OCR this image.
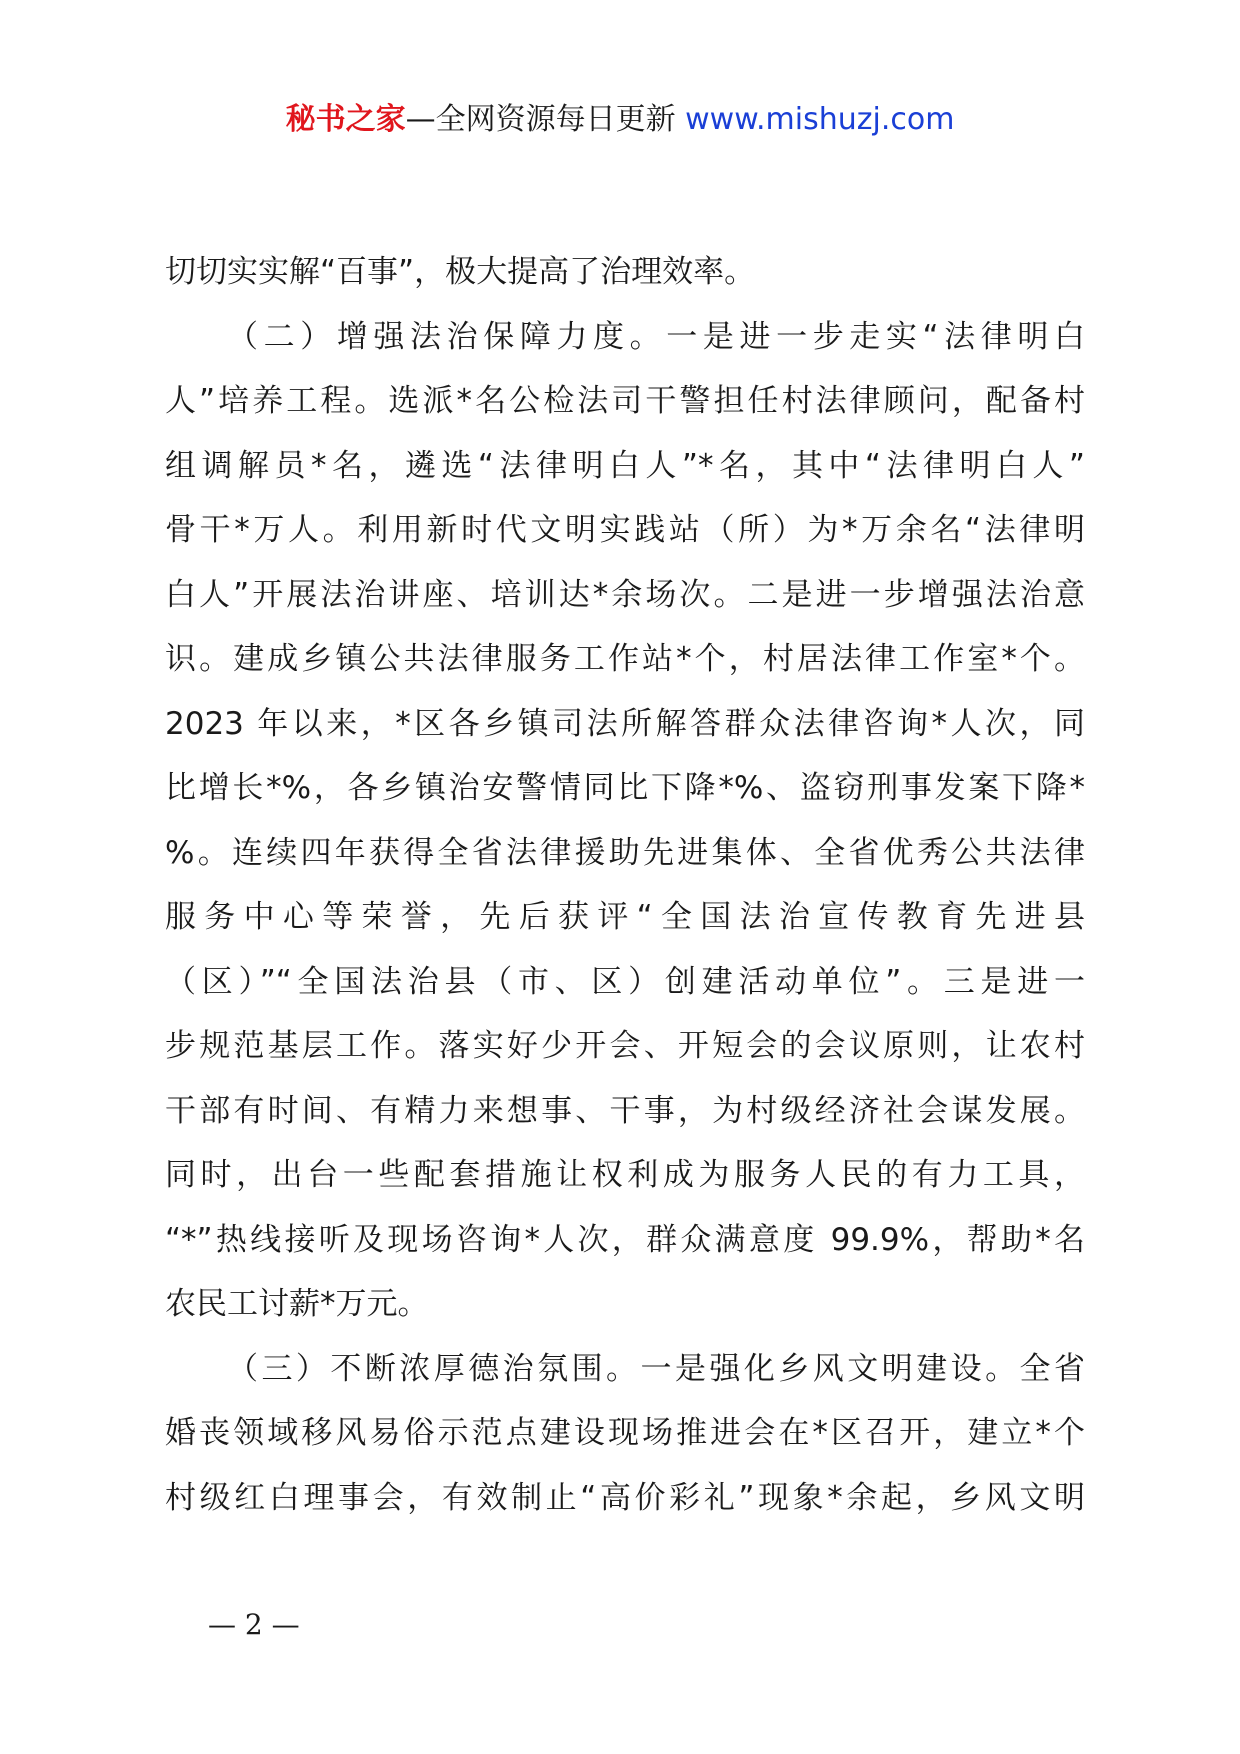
秘书之家—全网资源每日更新 www.mishuzj.com
切切实实解“百事”，极大提高了治理效率。
（二）增强法治保障力度。一是进一步走实“法律明白
人”培养工程。选派*名公检法司干警担任村法律顾问，配备村
组调解员*名，遴选“法律明白人”*名，其中“法律明白人”
骨干*万人。利用新时代文明实践站（所）为*万余名“法律明
白人”开展法治讲座、培训达*余场次。二是进一步增强法治意
识。建成乡镇公共法律服务工作站*个，村居法律工作室*个。
2023 年以来，*区各乡镇司法所解答群众法律咨询*人次，同
比增长*%，各乡镇治安警情同比下降*%、盗窃刑事发案下降*
%。连续四年获得全省法律援助先进集体、全省优秀公共法律
服务中心等荣誉，先后获评“全国法治宣传教育先进县
（区）”“全国法治县（市、区）创建活动单位”。三是进一
步规范基层工作。落实好少开会、开短会的会议原则，让农村
干部有时间、有精力来想事、干事，为村级经济社会谋发展。
同时，出台一些配套措施让权利成为服务人民的有力工具，
“*”热线接听及现场咨询*人次，群众满意度 99.9%，帮助*名
农民工讨薪*万元。
（三）不断浓厚德治氛围。一是强化乡风文明建设。全省
婚丧领域移风易俗示范点建设现场推进会在*区召开，建立*个
村级红白理事会，有效制止“高价彩礼”现象*余起，乡风文明
— 2 —
